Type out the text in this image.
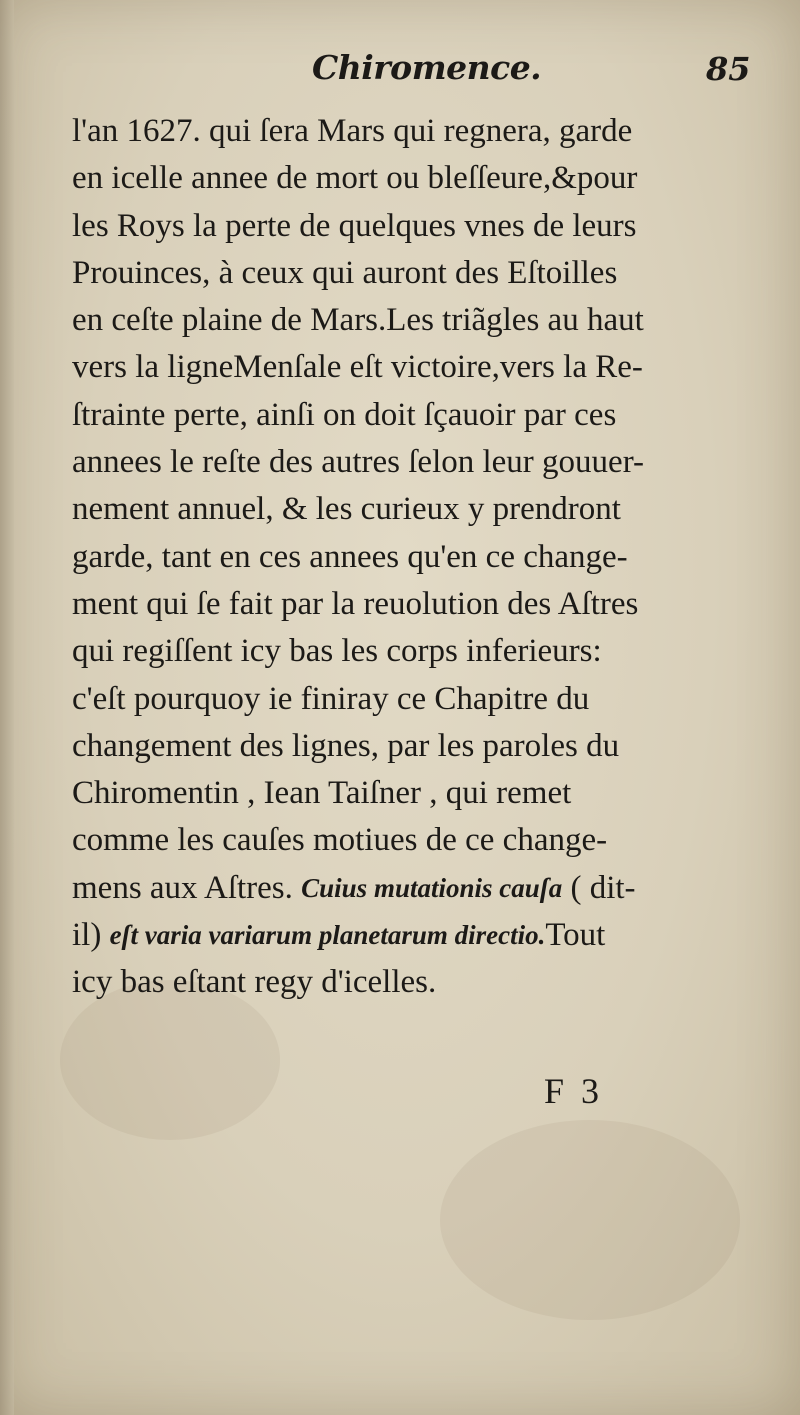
Chiromence.	85
l'an 1627. qui ſera Mars qui regnera, garde
en icelle annee de mort ou bleſſeure,&pour
les Roys la perte de quelques vnes de leurs
Prouinces, à ceux qui auront des Eſtoilles
en ceſte plaine de Mars.Les triãgles au haut
vers la ligneMenſale eſt victoire,vers la Re-
ſtrainte perte, ainſi on doit ſçauoir par ces
annees le reſte des autres ſelon leur gouuer-
nement annuel, & les curieux y prendront
garde, tant en ces annees qu'en ce change-
ment qui ſe fait par la reuolution des Aſtres
qui regiſſent icy bas les corps inferieurs:
c'eſt pourquoy ie finiray ce Chapitre du
changement des lignes, par les paroles du
Chiromentin , Iean Taiſner , qui remet
comme les cauſes motiues de ce change-
mens aux Aſtres. Cuius mutationis cauſa ( dit-
il) eſt varia variarum planetarum directio. Tout
icy bas eſtant regy d'icelles.
F 3
